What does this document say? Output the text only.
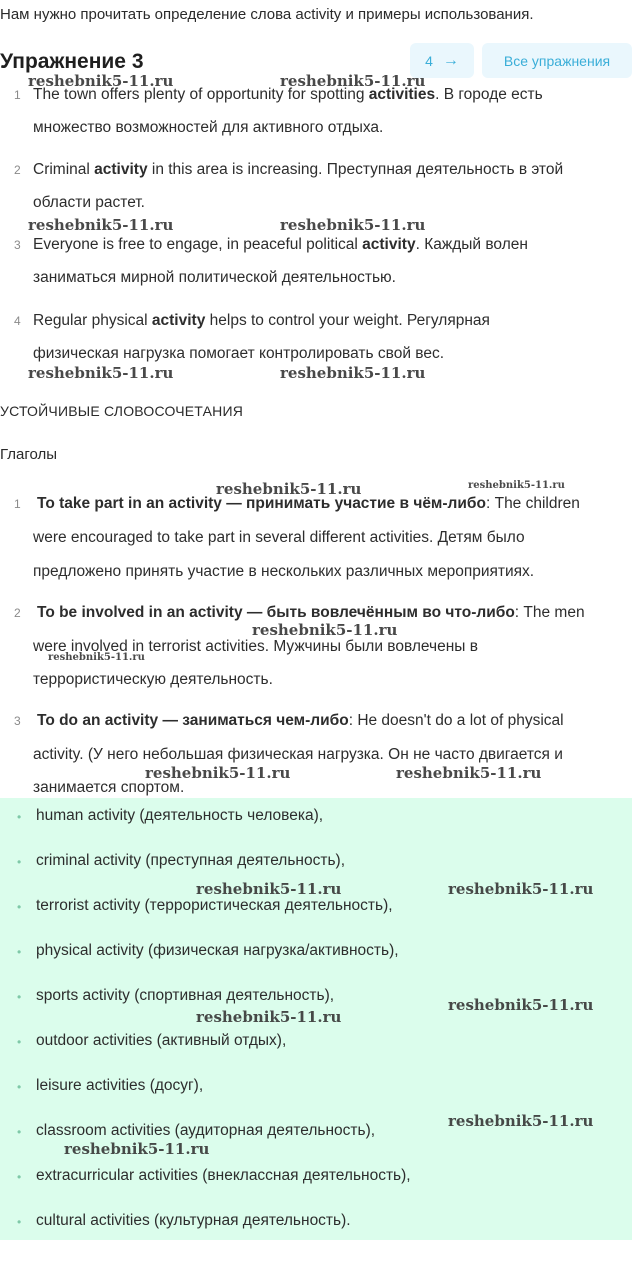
Нам нужно прочитать определение слова activity и примеры использования.
Упражнение 3	4 →	Все упражнения
1 The town offers plenty of opportunity for spotting activities. В городе есть
множество возможностей для активного отдыха.
2 Criminal activity in this area is increasing. Преступная деятельность в этой
области растет.
3 Everyone is free to engage, in peaceful political activity. Каждый волен
заниматься мирной политической деятельностью.
4 Regular physical activity helps to control your weight. Регулярная
физическая нагрузка помогает контролировать свой вес.
УСТОЙЧИВЫЕ СЛОВОСОЧЕТАНИЯ
Глаголы
1 To take part in an activity — принимать участие в чём-либо: The children
were encouraged to take part in several different activities. Детям было
предложено принять участие в нескольких различных мероприятиях.
2 To be involved in an activity — быть вовлечённым во что-либо: The men
were involved in terrorist activities. Мужчины были вовлечены в
террористическую деятельность.
3 To do an activity — заниматься чем-либо: He doesn't do a lot of physical
activity. (У него небольшая физическая нагрузка. Он не часто двигается и
занимается спортом.
• human activity (деятельность человека),
• criminal activity (преступная деятельность),
• terrorist activity (террористическая деятельность),
• physical activity (физическая нагрузка/активность),
• sports activity (спортивная деятельность),
• outdoor activities (активный отдых),
• leisure activities (досуг),
• classroom activities (аудиторная деятельность),
• extracurricular activities (внеклассная деятельность),
• cultural activities (культурная деятельность).
reshebnik5-11.ru	reshebnik5-11.ru
reshebnik5-11.ru	reshebnik5-11.ru
reshebnik5-11.ru	reshebnik5-11.ru
reshebnik5-11.ru	reshebnik5-11.ru
reshebnik5-11.ru
reshebnik5-11.ru
reshebnik5-11.ru	reshebnik5-11.ru
reshebnik5-11.ru	reshebnik5-11.ru
reshebnik5-11.ru
reshebnik5-11.ru
reshebnik5-11.ru
reshebnik5-11.ru
